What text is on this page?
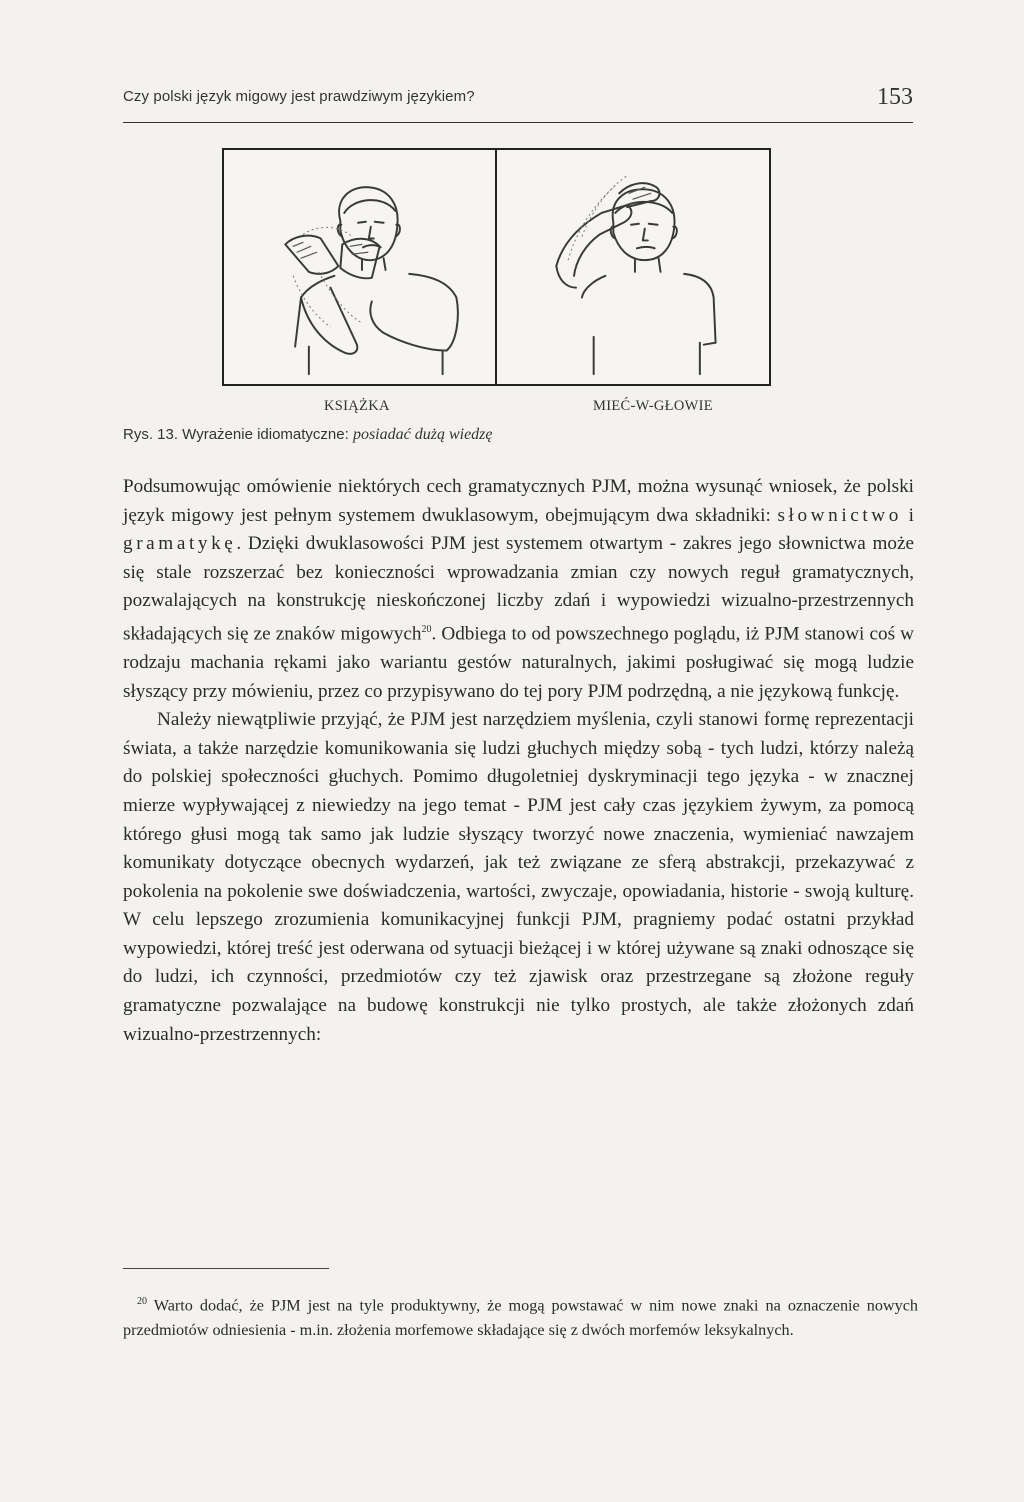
Czy polski język migowy jest prawdziwym językiem?	153
KSIĄŻKA	MIEĆ-W-GŁOWIE
Rys. 13. Wyrażenie idiomatyczne: posiadać dużą wiedzę

Podsumowując omówienie niektórych cech gramatycznych PJM, można wysunąć wniosek, że polski język migowy jest pełnym systemem dwuklasowym, obejmującym dwa składniki: słownictwo i gramatykę. Dzięki dwuklasowości PJM jest systemem otwartym - zakres jego słownictwa może się stale rozszerzać bez konieczności wprowadzania zmian czy nowych reguł gramatycznych, pozwalających na konstrukcję nieskończonej liczby zdań i wypowiedzi wizualno-przestrzennych składających się ze znaków migowych$^{20}$. Odbiega to od powszechnego poglądu, iż PJM stanowi coś w rodzaju machania rękami jako wariantu gestów naturalnych, jakimi posługiwać się mogą ludzie słyszący przy mówieniu, przez co przypisywano do tej pory PJM podrzędną, a nie językową funkcję.

Należy niewątpliwie przyjąć, że PJM jest narzędziem myślenia, czyli stanowi formę reprezentacji świata, a także narzędzie komunikowania się ludzi głuchych między sobą - tych ludzi, którzy należą do polskiej społeczności głuchych. Pomimo długoletniej dyskryminacji tego języka - w znacznej mierze wypływającej z niewiedzy na jego temat - PJM jest cały czas językiem żywym, za pomocą którego głusi mogą tak samo jak ludzie słyszący tworzyć nowe znaczenia, wymieniać nawzajem komunikaty dotyczące obecnych wydarzeń, jak też związane ze sferą abstrakcji, przekazywać z pokolenia na pokolenie swe doświadczenia, wartości, zwyczaje, opowiadania, historie - swoją kulturę. W celu lepszego zrozumienia komunikacyjnej funkcji PJM, pragniemy podać ostatni przykład wypowiedzi, której treść jest oderwana od sytuacji bieżącej i w której używane są znaki odnoszące się do ludzi, ich czynności, przedmiotów czy też zjawisk oraz przestrzegane są złożone reguły gramatyczne pozwalające na budowę konstrukcji nie tylko prostych, ale także złożonych zdań wizualno-przestrzennych:

$^{20}$ Warto dodać, że PJM jest na tyle produktywny, że mogą powstawać w nim nowe znaki na oznaczenie nowych przedmiotów odniesienia - m.in. złożenia morfemowe składające się z dwóch morfemów leksykalnych.
